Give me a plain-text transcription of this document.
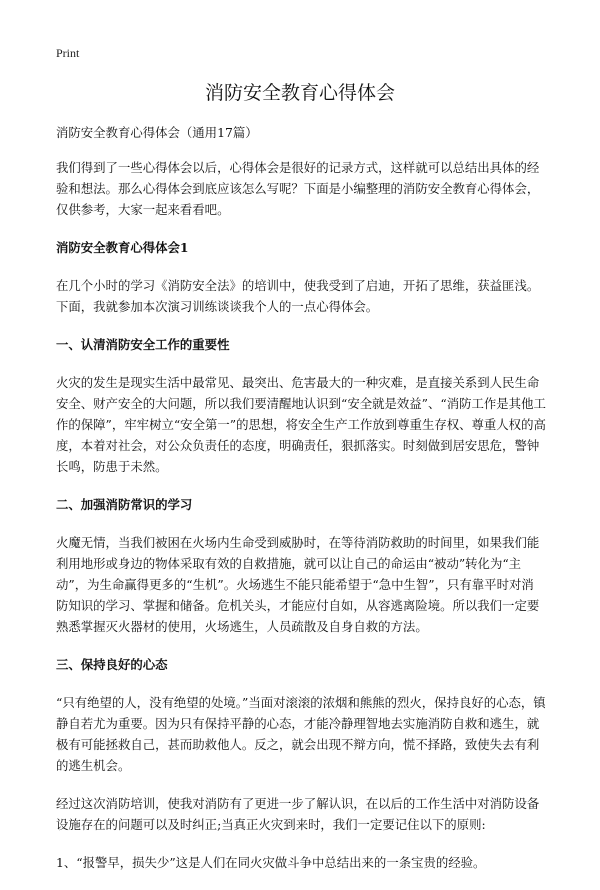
Print
消防安全教育心得体会

消防安全教育心得体会（通用17篇）

我们得到了一些心得体会以后，心得体会是很好的记录方式，这样就可以总结出具体的经验和想法。那么心得体会到底应该怎么写呢？下面是小编整理的消防安全教育心得体会，仅供参考，大家一起来看看吧。

消防安全教育心得体会1

在几个小时的学习《消防安全法》的培训中，使我受到了启迪，开拓了思维，获益匪浅。下面，我就参加本次演习训练谈谈我个人的一点心得体会。

一、认清消防安全工作的重要性

火灾的发生是现实生活中最常见、最突出、危害最大的一种灾难，是直接关系到人民生命安全、财产安全的大问题，所以我们要清醒地认识到“安全就是效益”、“消防工作是其他工作的保障”，牢牢树立“安全第一”的思想，将安全生产工作放到尊重生存权、尊重人权的高度，本着对社会，对公众负责任的态度，明确责任，狠抓落实。时刻做到居安思危，警钟长鸣，防患于未然。

二、加强消防常识的学习

火魔无情，当我们被困在火场内生命受到威胁时，在等待消防救助的时间里，如果我们能利用地形或身边的物体采取有效的自救措施，就可以让自己的命运由“被动”转化为“主动”，为生命赢得更多的“生机”。火场逃生不能只能希望于“急中生智”，只有靠平时对消防知识的学习、掌握和储备。危机关头，才能应付自如，从容逃离险境。所以我们一定要熟悉掌握灭火器材的使用，火场逃生，人员疏散及自身自救的方法。

三、保持良好的心态

“只有绝望的人，没有绝望的处境。”当面对滚滚的浓烟和熊熊的烈火，保持良好的心态，镇静自若尤为重要。因为只有保持平静的心态，才能冷静理智地去实施消防自救和逃生，就极有可能拯救自己，甚而助救他人。反之，就会出现不辩方向，慌不择路，致使失去有利的逃生机会。

经过这次消防培训，使我对消防有了更进一步了解认识，在以后的工作生活中对消防设备设施存在的问题可以及时纠正;当真正火灾到来时，我们一定要记住以下的原则:

1、“报警早，损失少”这是人们在同火灾做斗争中总结出来的一条宝贵的经验。
